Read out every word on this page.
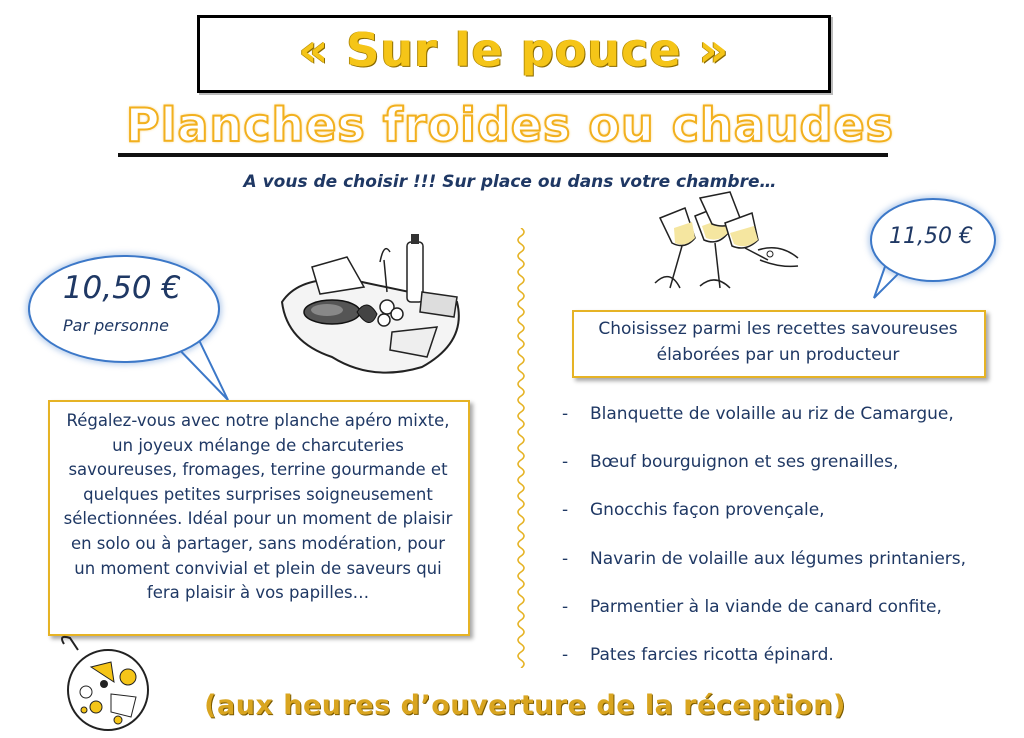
« Sur le pouce »
Planches froides ou chaudes
A vous de choisir !!! Sur place ou dans votre chambre…
10,50 €
Par personne
Régalez-vous avec notre planche apéro mixte, un joyeux mélange de charcuteries savoureuses, fromages, terrine gourmande et quelques petites surprises soigneusement sélectionnées. Idéal pour un moment de plaisir en solo ou à partager, sans modération, pour un moment convivial et plein de saveurs qui fera plaisir à vos papilles…
11,50 €
Choisissez parmi les recettes savoureuses élaborées par un producteur
- Blanquette de volaille au riz de Camargue,
- Bœuf bourguignon et ses grenailles,
- Gnocchis façon provençale,
- Navarin de volaille aux légumes printaniers,
- Parmentier à la viande de canard confite,
- Pates farcies ricotta épinard.
(aux heures d’ouverture de la réception)
